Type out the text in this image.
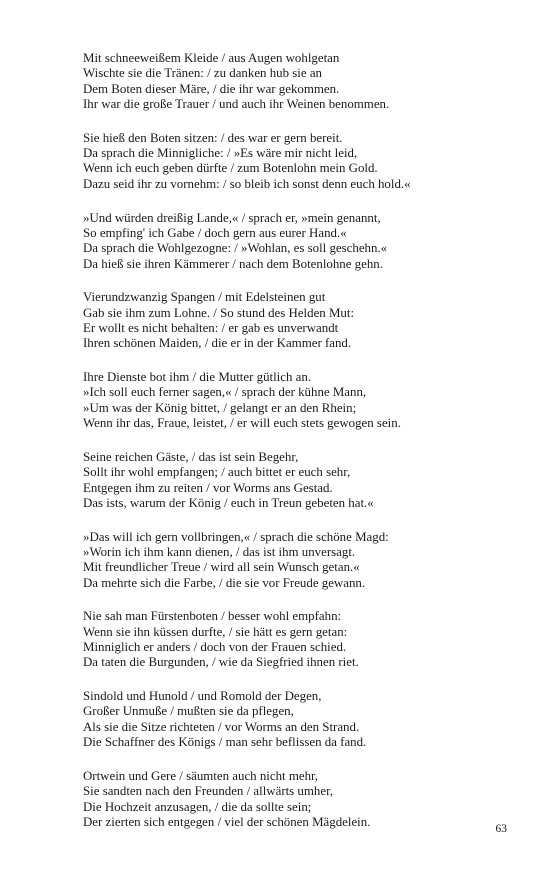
Mit schneeweißem Kleide / aus Augen wohlgetan
Wischte sie die Tränen: / zu danken hub sie an
Dem Boten dieser Märe, / die ihr war gekommen.
Ihr war die große Trauer / und auch ihr Weinen benommen.
Sie hieß den Boten sitzen: / des war er gern bereit.
Da sprach die Minnigliche: / »Es wäre mir nicht leid,
Wenn ich euch geben dürfte / zum Botenlohn mein Gold.
Dazu seid ihr zu vornehm: / so bleib ich sonst denn euch hold.«
»Und würden dreißig Lande,« / sprach er, »mein genannt,
So empfing' ich Gabe / doch gern aus eurer Hand.«
Da sprach die Wohlgezogne: / »Wohlan, es soll geschehn.«
Da hieß sie ihren Kämmerer / nach dem Botenlohne gehn.
Vierundzwanzig Spangen / mit Edelsteinen gut
Gab sie ihm zum Lohne. / So stund des Helden Mut:
Er wollt es nicht behalten: / er gab es unverwandt
Ihren schönen Maiden, / die er in der Kammer fand.
Ihre Dienste bot ihm / die Mutter gütlich an.
»Ich soll euch ferner sagen,« / sprach der kühne Mann,
»Um was der König bittet, / gelangt er an den Rhein;
Wenn ihr das, Fraue, leistet, / er will euch stets gewogen sein.
Seine reichen Gäste, / das ist sein Begehr,
Sollt ihr wohl empfangen; / auch bittet er euch sehr,
Entgegen ihm zu reiten / vor Worms ans Gestad.
Das ists, warum der König / euch in Treun gebeten hat.«
»Das will ich gern vollbringen,« / sprach die schöne Magd:
»Worin ich ihm kann dienen, / das ist ihm unversagt.
Mit freundlicher Treue / wird all sein Wunsch getan.«
Da mehrte sich die Farbe, / die sie vor Freude gewann.
Nie sah man Fürstenboten / besser wohl empfahn:
Wenn sie ihn küssen durfte, / sie hätt es gern getan:
Minniglich er anders / doch von der Frauen schied.
Da taten die Burgunden, / wie da Siegfried ihnen riet.
Sindold und Hunold / und Romold der Degen,
Großer Unmuße / mußten sie da pflegen,
Als sie die Sitze richteten / vor Worms an den Strand.
Die Schaffner des Königs / man sehr beflissen da fand.
Ortwein und Gere / säumten auch nicht mehr,
Sie sandten nach den Freunden / allwärts umher,
Die Hochzeit anzusagen, / die da sollte sein;
Der zierten sich entgegen / viel der schönen Mägdelein.
63
